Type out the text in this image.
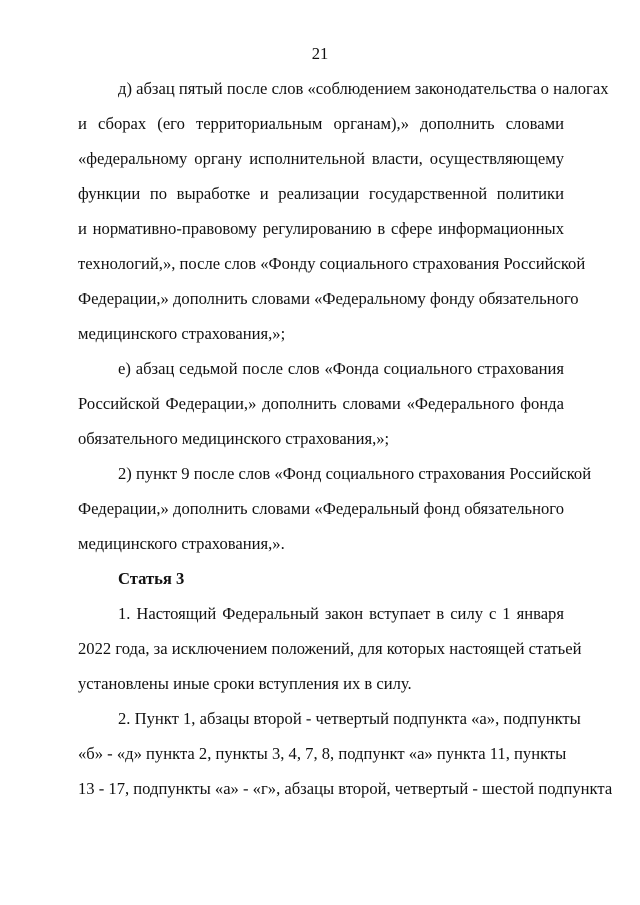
21
д) абзац пятый после слов «соблюдением законодательства о налогах
и сборах (его территориальным органам),» дополнить словами
«федеральному органу исполнительной власти, осуществляющему
функции по выработке и реализации государственной политики
и нормативно-правовому регулированию в сфере информационных
технологий,», после слов «Фонду социального страхования Российской
Федерации,» дополнить словами «Федеральному фонду обязательного
медицинского страхования,»;
е) абзац седьмой после слов «Фонда социального страхования
Российской Федерации,» дополнить словами «Федерального фонда
обязательного медицинского страхования,»;
2) пункт 9 после слов «Фонд социального страхования Российской
Федерации,» дополнить словами «Федеральный фонд обязательного
медицинского страхования,».
Статья 3
1. Настоящий Федеральный закон вступает в силу с 1 января
2022 года, за исключением положений, для которых настоящей статьей
установлены иные сроки вступления их в силу.
2. Пункт 1, абзацы второй - четвертый подпункта «а», подпункты
«б» - «д» пункта 2, пункты 3, 4, 7, 8, подпункт «а» пункта 11, пункты
13 - 17, подпункты «а» - «г», абзацы второй, четвертый - шестой подпункта
